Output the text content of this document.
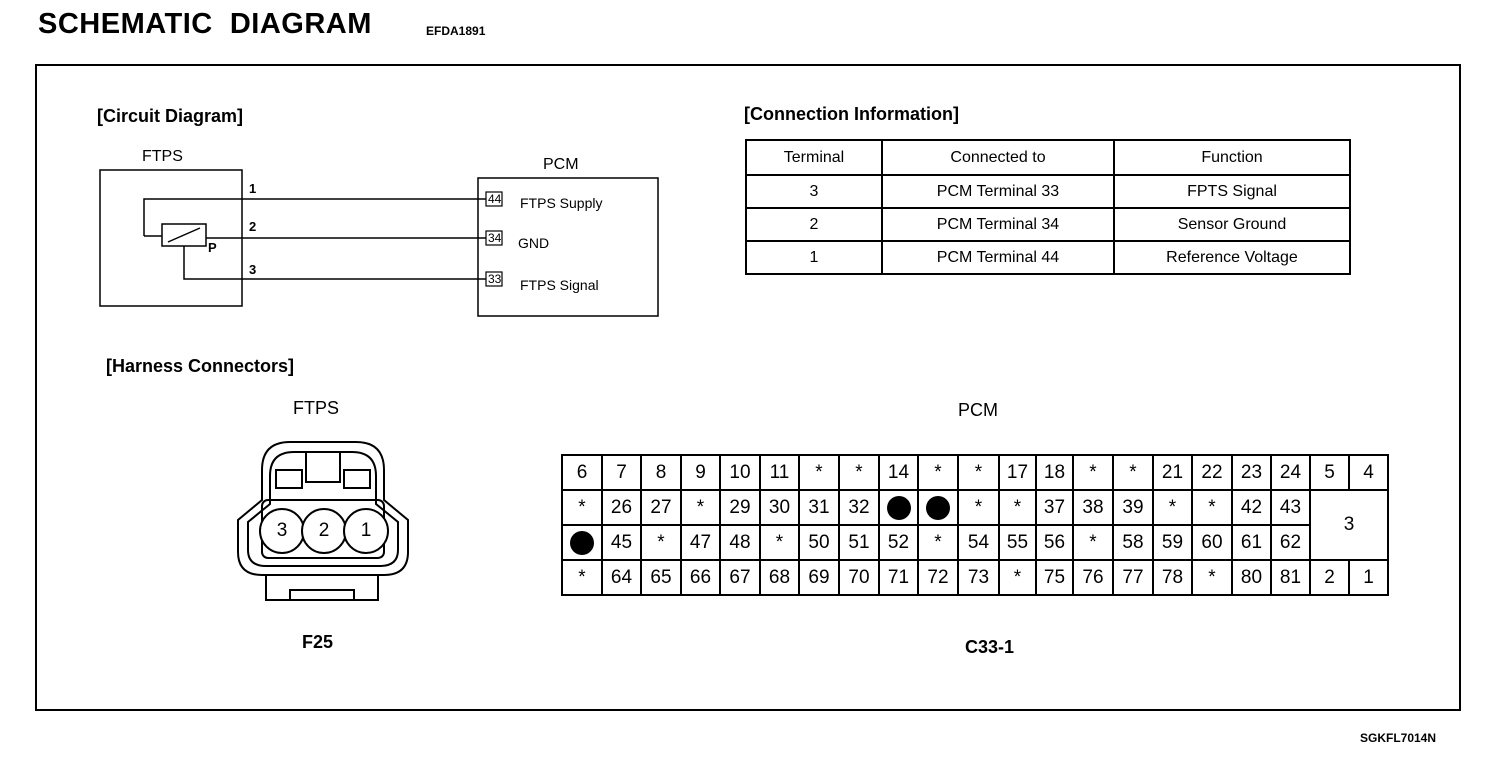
SCHEMATIC  DIAGRAM	EFDA1891
SGKFL7014N
[Circuit Diagram]
FTPS
1
2
3
P
PCM
44 FTPS Supply
34 GND
33 FTPS Signal
[Connection Information]
Terminal	Connected to	Function
3	PCM Terminal 33	FPTS Signal
2	PCM Terminal 34	Sensor Ground
1	PCM Terminal 44	Reference Voltage
[Harness Connectors]
FTPS
3	2	1
F25
PCM
6	7	8	9	10	11	*	*	14	*	*	17	18	*	*	21	22	23	24	5	4
*	26	27	*	29	30	31	32			*	*	37	38	39	*	*	42	43	3	
	45	*	47	48	*	50	51	52	*	54	55	56	*	58	59	60	61	62		
*	64	65	66	67	68	69	70	71	72	73	*	75	76	77	78	*	80	81	2	1
C33-1
